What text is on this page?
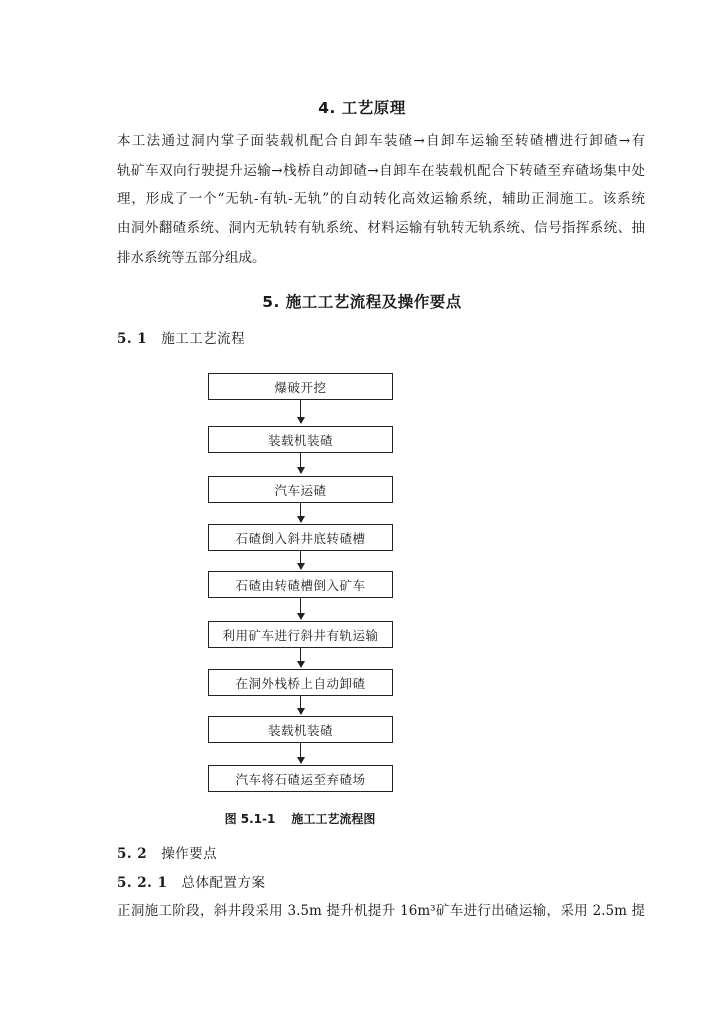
4. 工艺原理
本工法通过洞内掌子面装载机配合自卸车装碴→自卸车运输至转碴槽进行卸碴→有
轨矿车双向行驶提升运输→栈桥自动卸碴→自卸车在装载机配合下转碴至弃碴场集中处
理，形成了一个“无轨-有轨-无轨”的自动转化高效运输系统，辅助正洞施工。该系统
由洞外翻碴系统、洞内无轨转有轨系统、材料运输有轨转无轨系统、信号指挥系统、抽
排水系统等五部分组成。
5. 施工工艺流程及操作要点
5. 1 施工工艺流程
爆破开挖
装载机装碴
汽车运碴
石碴倒入斜井底转碴槽
石碴由转碴槽倒入矿车
利用矿车进行斜井有轨运输
在洞外栈桥上自动卸碴
装载机装碴
汽车将石碴运至弃碴场
图 5.1-1 施工工艺流程图
5. 2 操作要点
5. 2. 1 总体配置方案
正洞施工阶段，斜井段采用 3.5m 提升机提升 16m³矿车进行出碴运输，采用 2.5m 提
